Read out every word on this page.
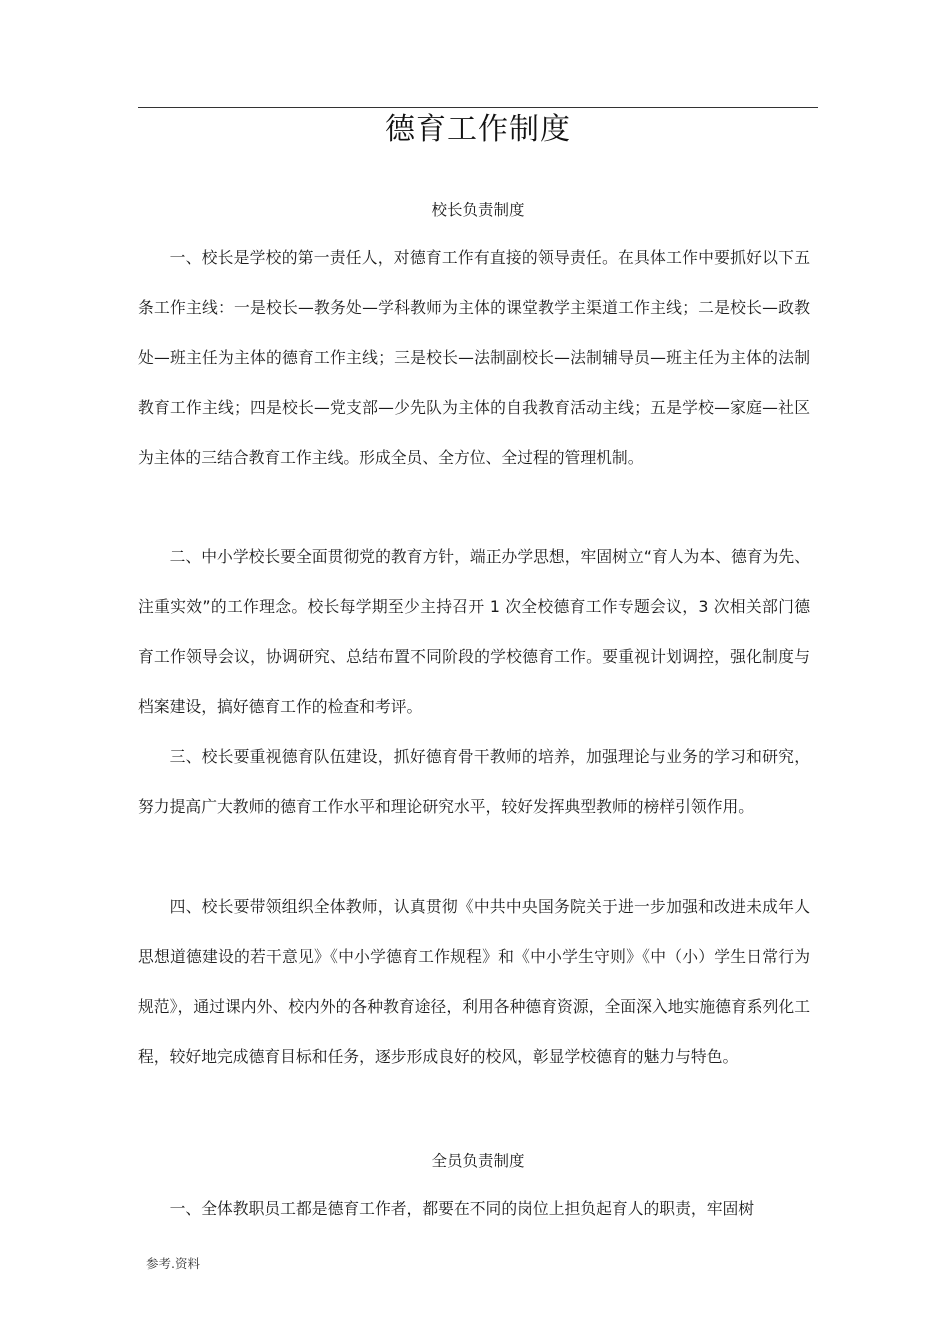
德育工作制度
校长负责制度

一、校长是学校的第一责任人，对德育工作有直接的领导责任。在具体工作中要抓好以下五条工作主线：一是校长—教务处—学科教师为主体的课堂教学主渠道工作主线；二是校长—政教处—班主任为主体的德育工作主线；三是校长—法制副校长—法制辅导员—班主任为主体的法制教育工作主线；四是校长—党支部—少先队为主体的自我教育活动主线；五是学校—家庭—社区为主体的三结合教育工作主线。形成全员、全方位、全过程的管理机制。

二、中小学校长要全面贯彻党的教育方针，端正办学思想，牢固树立“育人为本、德育为先、注重实效”的工作理念。校长每学期至少主持召开 1 次全校德育工作专题会议，3 次相关部门德育工作领导会议，协调研究、总结布置不同阶段的学校德育工作。要重视计划调控，强化制度与档案建设，搞好德育工作的检查和考评。

三、校长要重视德育队伍建设，抓好德育骨干教师的培养，加强理论与业务的学习和研究，努力提高广大教师的德育工作水平和理论研究水平，较好发挥典型教师的榜样引领作用。

四、校长要带领组织全体教师，认真贯彻《中共中央国务院关于进一步加强和改进未成年人思想道德建设的若干意见》《中小学德育工作规程》和《中小学生守则》《中（小）学生日常行为规范》，通过课内外、校内外的各种教育途径，利用各种德育资源，全面深入地实施德育系列化工程，较好地完成德育目标和任务，逐步形成良好的校风，彰显学校德育的魅力与特色。

全员负责制度

一、全体教职员工都是德育工作者，都要在不同的岗位上担负起育人的职责，牢固树

参考.资料
